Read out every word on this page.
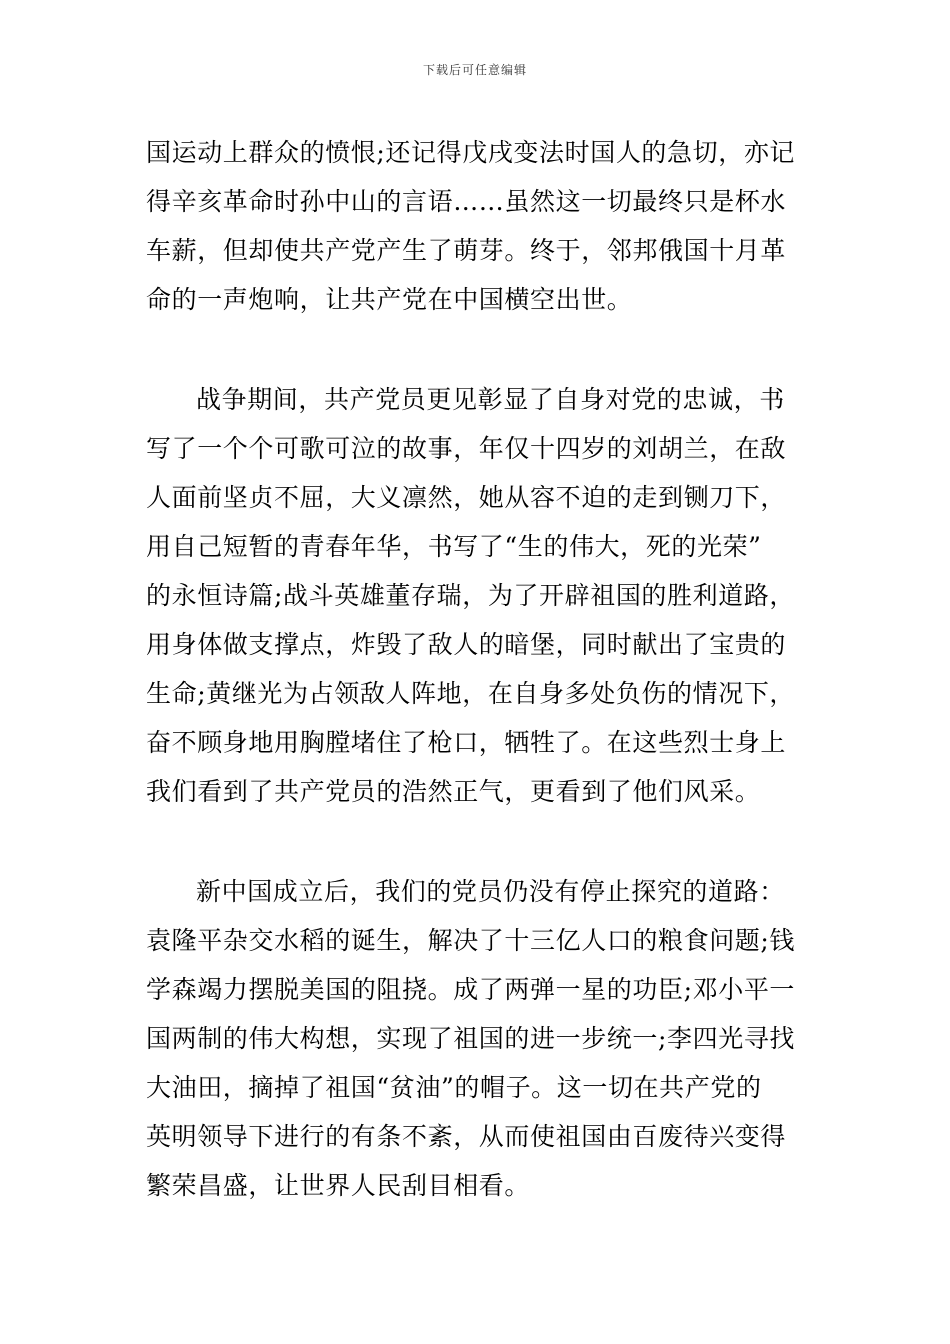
下载后可任意编辑
国运动上群众的愤恨;还记得戊戌变法时国人的急切，亦记
得辛亥革命时孙中山的言语……虽然这一切最终只是杯水
车薪，但却使共产党产生了萌芽。终于，邻邦俄国十月革
命的一声炮响，让共产党在中国横空出世。
战争期间，共产党员更见彰显了自身对党的忠诚，书
写了一个个可歌可泣的故事，年仅十四岁的刘胡兰，在敌
人面前坚贞不屈，大义凛然，她从容不迫的走到铡刀下，
用自己短暂的青春年华，书写了“生的伟大，死的光荣”
的永恒诗篇;战斗英雄董存瑞，为了开辟祖国的胜利道路，
用身体做支撑点，炸毁了敌人的暗堡，同时献出了宝贵的
生命;黄继光为占领敌人阵地，在自身多处负伤的情况下，
奋不顾身地用胸膛堵住了枪口，牺牲了。在这些烈士身上
我们看到了共产党员的浩然正气，更看到了他们风采。
新中国成立后，我们的党员仍没有停止探究的道路：
袁隆平杂交水稻的诞生，解决了十三亿人口的粮食问题;钱
学森竭力摆脱美国的阻挠。成了两弹一星的功臣;邓小平一
国两制的伟大构想，实现了祖国的进一步统一;李四光寻找
大油田，摘掉了祖国“贫油”的帽子。这一切在共产党的
英明领导下进行的有条不紊，从而使祖国由百废待兴变得
繁荣昌盛，让世界人民刮目相看。
